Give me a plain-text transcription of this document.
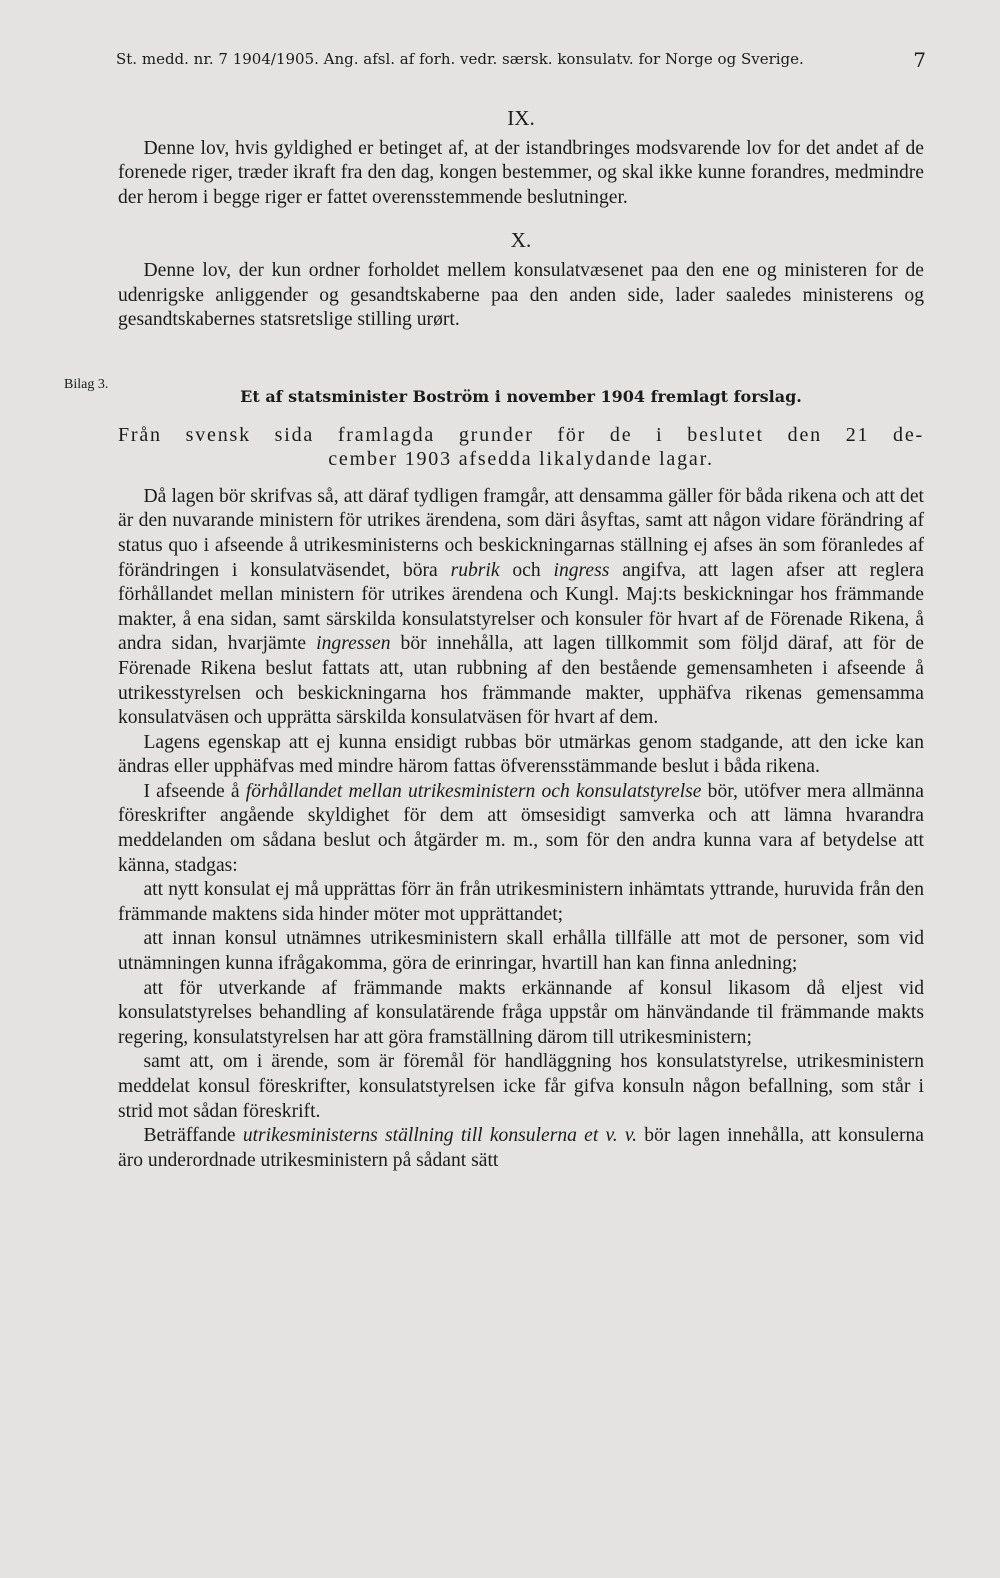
St. medd. nr. 7 1904/1905. Ang. afsl. af forh. vedr. særsk. konsulatv. for Norge og Sverige.	7
IX.

Denne lov, hvis gyldighed er betinget af, at der istandbringes modsvarende lov for det andet af de forenede riger, træder ikraft fra den dag, kongen bestemmer, og skal ikke kunne forandres, medmindre der herom i begge riger er fattet overensstemmende beslutninger.

X.

Denne lov, der kun ordner forholdet mellem konsulatvæsenet paa den ene og ministeren for de udenrigske anliggender og gesandtskaberne paa den anden side, lader saaledes ministerens og gesandtskabernes statsretslige stilling urørt.

Bilag 3.
Et af statsminister Boström i november 1904 fremlagt forslag.
Från svensk sida framlagda grunder för de i beslutet den 21 de-
cember 1903 afsedda likalydande lagar.

Då lagen bör skrifvas så, att däraf tydligen framgår, att densamma gäller för båda rikena och att det är den nuvarande ministern för utrikes ärendena, som däri åsyftas, samt att någon vidare förändring af status quo i afseende å utrikesministerns och beskickningarnas ställning ej afses än som föranledes af förändringen i konsulatväsendet, böra rubrik och ingress angifva, att lagen afser att reglera förhållandet mellan ministern för utrikes ärendena och Kungl. Maj:ts beskickningar hos främmande makter, å ena sidan, samt särskilda konsulatstyrelser och konsuler för hvart af de Förenade Rikena, å andra sidan, hvarjämte ingressen bör innehålla, att lagen tillkommit som följd däraf, att för de Förenade Rikena beslut fattats att, utan rubbning af den bestående gemensamheten i afseende å utrikesstyrelsen och beskickningarna hos främmande makter, upphäfva rikenas gemensamma konsulatväsen och upprätta särskilda konsulatväsen för hvart af dem.

Lagens egenskap att ej kunna ensidigt rubbas bör utmärkas genom stadgande, att den icke kan ändras eller upphäfvas med mindre härom fattas öfverensstämmande beslut i båda rikena.

I afseende å förhållandet mellan utrikesministern och konsulatstyrelse bör, utöfver mera allmänna föreskrifter angående skyldighet för dem att ömsesidigt samverka och att lämna hvarandra meddelanden om sådana beslut och åtgärder m. m., som för den andra kunna vara af betydelse att känna, stadgas:

att nytt konsulat ej må upprättas förr än från utrikesministern inhämtats yttrande, huruvida från den främmande maktens sida hinder möter mot upprättandet;

att innan konsul utnämnes utrikesministern skall erhålla tillfälle att mot de personer, som vid utnämningen kunna ifrågakomma, göra de erinringar, hvartill han kan finna anledning;

att för utverkande af främmande makts erkännande af konsul likasom då eljest vid konsulatstyrelses behandling af konsulatärende fråga uppstår om hänvändande til främmande makts regering, konsulatstyrelsen har att göra framställning därom till utrikesministern;

samt att, om i ärende, som är föremål för handläggning hos konsulatstyrelse, utrikesministern meddelat konsul föreskrifter, konsulatstyrelsen icke får gifva konsuln någon befallning, som står i strid mot sådan föreskrift.

Beträffande utrikesministerns ställning till konsulerna et v. v. bör lagen innehålla, att konsulerna äro underordnade utrikesministern på sådant sätt
